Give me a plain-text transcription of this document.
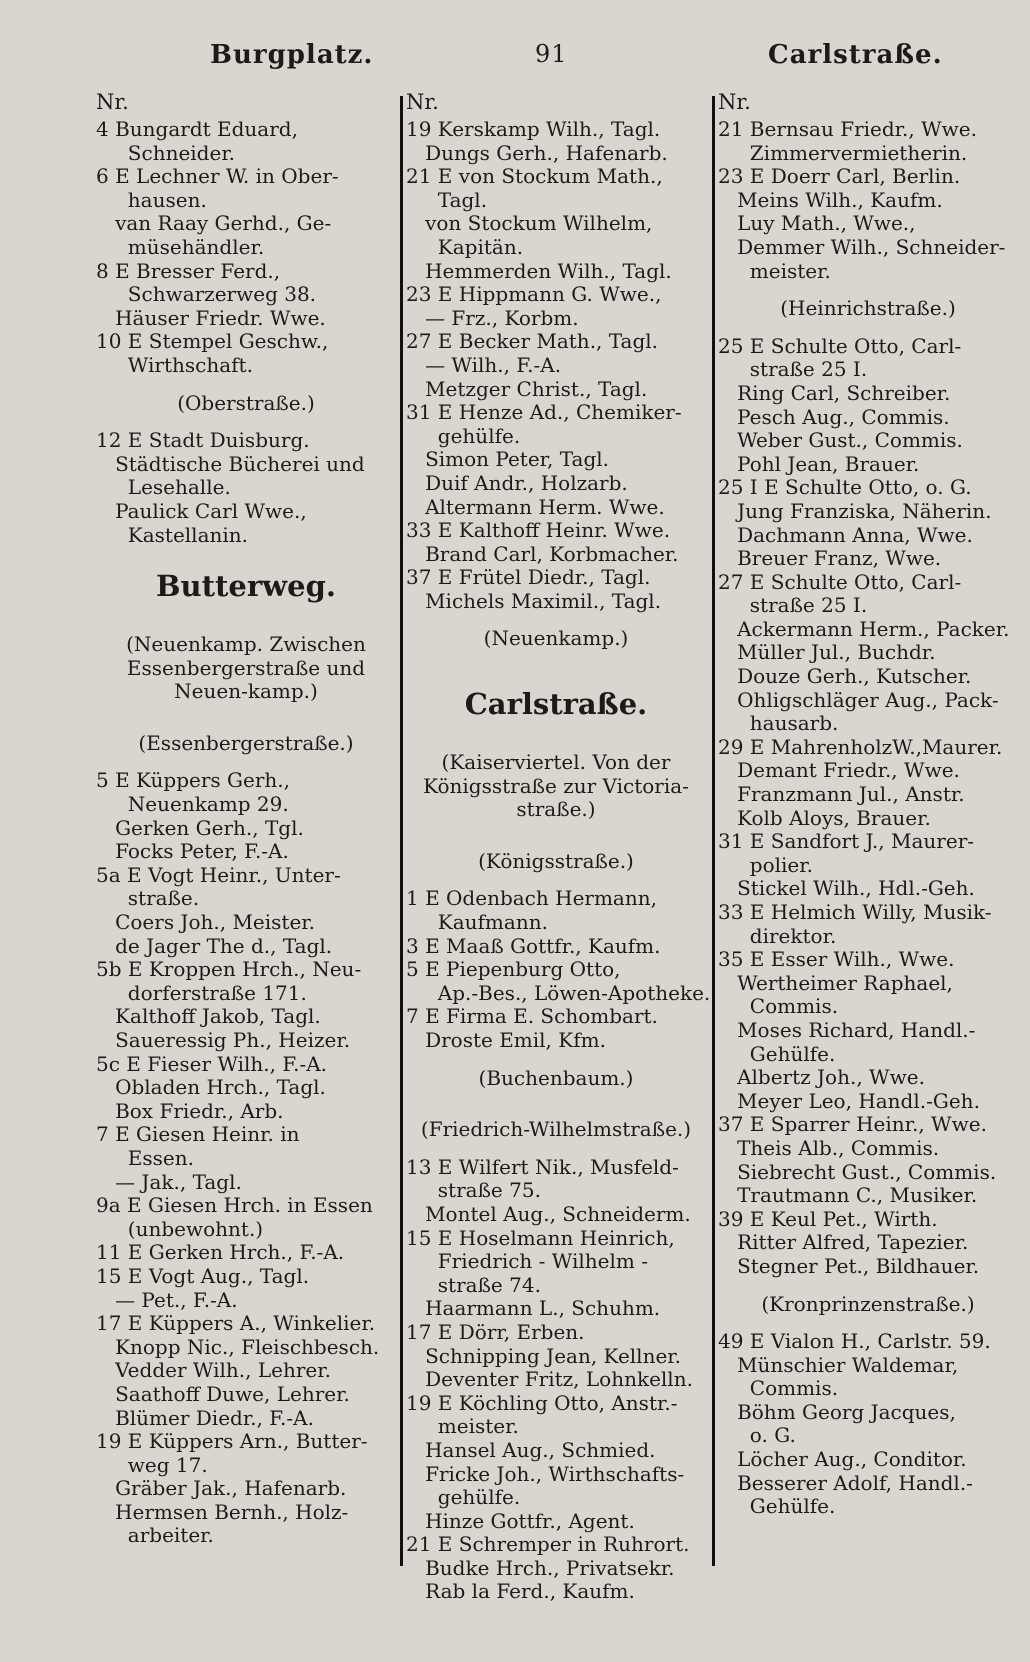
Burgplatz.	91	Carlstraße.
Nr.
4 Bungardt Eduard,
Schneider.
6 E Lechner W. in Ober-
hausen.
van Raay Gerhd., Ge-
müsehändler.
8 E Bresser Ferd.,
Schwarzerweg 38.
Häuser Friedr. Wwe.
10 E Stempel Geschw.,
Wirthschaft.
(Oberstraße.)
12 E Stadt Duisburg.
Städtische Bücherei und
Lesehalle.
Paulick Carl Wwe.,
Kastellanin.
Butterweg.
(Neuenkamp. Zwischen Essenbergerstraße und Neuen-kamp.)
(Essenbergerstraße.)
5 E Küppers Gerh.,
Neuenkamp 29.
Gerken Gerh., Tgl.
Focks Peter, F.-A.
5a E Vogt Heinr., Unter-
straße.
Coers Joh., Meister.
de Jager The d., Tagl.
5b E Kroppen Hrch., Neu-
dorferstraße 171.
Kalthoff Jakob, Tagl.
Saueressig Ph., Heizer.
5c E Fieser Wilh., F.-A.
Obladen Hrch., Tagl.
Box Friedr., Arb.
7 E Giesen Heinr. in
Essen.
— Jak., Tagl.
9a E Giesen Hrch. in Essen
(unbewohnt.)
11 E Gerken Hrch., F.-A.
15 E Vogt Aug., Tagl.
— Pet., F.-A.
17 E Küppers A., Winkelier.
Knopp Nic., Fleischbesch.
Vedder Wilh., Lehrer.
Saathoff Duwe, Lehrer.
Blümer Diedr., F.-A.
19 E Küppers Arn., Butter-
weg 17.
Gräber Jak., Hafenarb.
Hermsen Bernh., Holz-
arbeiter.
Nr.
19 Kerskamp Wilh., Tagl.
Dungs Gerh., Hafenarb.
21 E von Stockum Math.,
Tagl.
von Stockum Wilhelm,
Kapitän.
Hemmerden Wilh., Tagl.
23 E Hippmann G. Wwe.,
— Frz., Korbm.
27 E Becker Math., Tagl.
— Wilh., F.-A.
Metzger Christ., Tagl.
31 E Henze Ad., Chemiker-
gehülfe.
Simon Peter, Tagl.
Duif Andr., Holzarb.
Altermann Herm. Wwe.
33 E Kalthoff Heinr. Wwe.
Brand Carl, Korbmacher.
37 E Frütel Diedr., Tagl.
Michels Maximil., Tagl.
(Neuenkamp.)
Carlstraße.
(Kaiserviertel. Von der Königsstraße zur Victoria-straße.)
(Königsstraße.)
1 E Odenbach Hermann,
Kaufmann.
3 E Maaß Gottfr., Kaufm.
5 E Piepenburg Otto,
Ap.-Bes., Löwen-Apotheke.
7 E Firma E. Schombart.
Droste Emil, Kfm.
(Buchenbaum.)
(Friedrich-Wilhelmstraße.)
13 E Wilfert Nik., Musfeld-
straße 75.
Montel Aug., Schneiderm.
15 E Hoselmann Heinrich,
Friedrich - Wilhelm -
straße 74.
Haarmann L., Schuhm.
17 E Dörr, Erben.
Schnipping Jean, Kellner.
Deventer Fritz, Lohnkelln.
19 E Köchling Otto, Anstr.-
meister.
Hansel Aug., Schmied.
Fricke Joh., Wirthschafts-
gehülfe.
Hinze Gottfr., Agent.
21 E Schremper in Ruhrort.
Budke Hrch., Privatsekr.
Rab la Ferd., Kaufm.
Nr.
21 Bernsau Friedr., Wwe.
Zimmervermietherin.
23 E Doerr Carl, Berlin.
Meins Wilh., Kaufm.
Luy Math., Wwe.,
Demmer Wilh., Schneider-
meister.
(Heinrichstraße.)
25 E Schulte Otto, Carl-
straße 25 I.
Ring Carl, Schreiber.
Pesch Aug., Commis.
Weber Gust., Commis.
Pohl Jean, Brauer.
25 I E Schulte Otto, o. G.
Jung Franziska, Näherin.
Dachmann Anna, Wwe.
Breuer Franz, Wwe.
27 E Schulte Otto, Carl-
straße 25 I.
Ackermann Herm., Packer.
Müller Jul., Buchdr.
Douze Gerh., Kutscher.
Ohligschläger Aug., Pack-
hausarb.
29 E MahrenholzW.,Maurer.
Demant Friedr., Wwe.
Franzmann Jul., Anstr.
Kolb Aloys, Brauer.
31 E Sandfort J., Maurer-
polier.
Stickel Wilh., Hdl.-Geh.
33 E Helmich Willy, Musik-
direktor.
35 E Esser Wilh., Wwe.
Wertheimer Raphael,
Commis.
Moses Richard, Handl.-
Gehülfe.
Albertz Joh., Wwe.
Meyer Leo, Handl.-Geh.
37 E Sparrer Heinr., Wwe.
Theis Alb., Commis.
Siebrecht Gust., Commis.
Trautmann C., Musiker.
39 E Keul Pet., Wirth.
Ritter Alfred, Tapezier.
Stegner Pet., Bildhauer.
(Kronprinzenstraße.)
49 E Vialon H., Carlstr. 59.
Münschier Waldemar,
Commis.
Böhm Georg Jacques,
o. G.
Löcher Aug., Conditor.
Besserer Adolf, Handl.-
Gehülfe.
